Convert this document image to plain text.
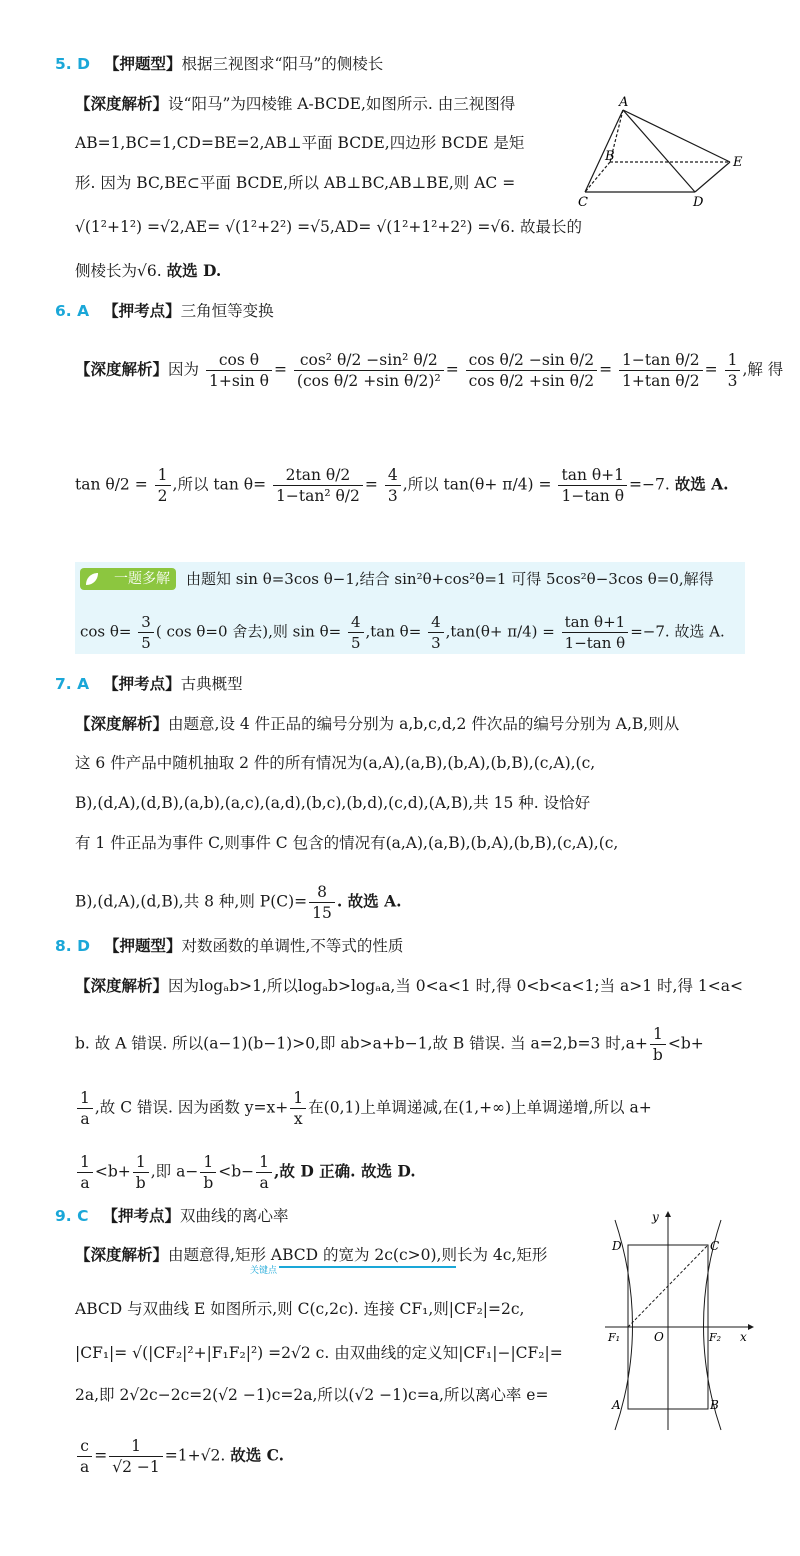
5. D 【押题型】根据三视图求“阳马”的侧棱长
【深度解析】设“阳马”为四棱锥 A-BCDE,如图所示. 由三视图得
AB=1,BC=1,CD=BE=2,AB⊥平面 BCDE,四边形 BCDE 是矩
形. 因为 BC,BE⊂平面 BCDE,所以 AB⊥BC,AB⊥BE,则 AC =
√(1²+1²) =√2,AE= √(1²+2²) =√5,AD= √(1²+1²+2²) =√6. 故最长的
侧棱长为√6. 故选 D.
A
B	E
C	D
6. A 【押考点】三角恒等变换
【深度解析】因为 $\frac{\text{cos θ}}{\text{1+sin θ}} = \frac{\text{cos² θ/2 −sin² θ/2}}{\text{(cos θ/2 +sin θ/2)²}} = \frac{\text{cos θ/2 −sin θ/2}}{\text{cos θ/2 +sin θ/2}} = \frac{\text{1−tan θ/2}}{\text{1+tan θ/2}} = \frac{1}{3}$ ,解 得
$\tan \theta/2 = \frac{1}{2}$ ,所以 $\tan \theta= \frac{\text{2tan θ/2}}{\text{1−tan² θ/2}} = \frac{4}{3}$ ,所以 $\tan(\theta+ \pi/4) = \frac{\text{tan θ+1}}{\text{1−tan θ}} =-7$. 故选 A.
一题多解	由题知 sin θ=3cos θ−1,结合 sin²θ+cos²θ=1 可得 5cos²θ−3cos θ=0,解得
$\cos \theta= \frac{3}{5}$ ( cos θ=0 舍去),则 $\sin \theta= \frac{4}{5} ,\tan$ $\theta= \frac{4}{3} ,\tan(\theta+ \pi/4) = \frac{\text{tan θ+1}}{\text{1−tan θ}} =-7$. 故选 A.
7. A 【押考点】古典概型
【深度解析】由题意,设 4 件正品的编号分别为 a,b,c,d,2 件次品的编号分别为 A,B,则从
这 6 件产品中随机抽取 2 件的所有情况为(a,A),(a,B),(b,A),(b,B),(c,A),(c,
B),(d,A),(d,B),(a,b),(a,c),(a,d),(b,c),(b,d),(c,d),(A,B),共 15 种. 设恰好
有 1 件正品为事件 C,则事件 C 包含的情况有(a,A),(a,B),(b,A),(b,B),(c,A),(c,
B),(d,A),(d,B),共 8 种,则 $P(C)= \frac{8}{15}$ . 故选 A.
8. D 【押题型】对数函数的单调性,不等式的性质
【深度解析】因为logₐb>1,所以logₐb>logₐa,当 0<a<1 时,得 0<b<a<1;当 a>1 时,得 1<a<
b. 故 A 错误. 所以(a−1)(b−1)>0,即 ab>a+b−1,故 B 错误. 当 a=2,b=3 时$,a+ \frac{1}{b} <b+$
$\frac{1}{a}$ ,故 C 错误. 因为函数 $y=x+ \frac{1}{x}$ 在(0,1)上单调递减,在(1,+∞)上单调递增,所以 a+
$\frac{1}{a} <b+ \frac{1}{b}$ ,即 $a- \frac{1}{b} <b- \frac{1}{a}$ ,故 D 正确. 故选 D.
9. C 【押考点】双曲线的离心率
【深度解析】由题意得,矩形 ABCD 的宽为 2c(c>0),则长为 4c,矩形
关键点
ABCD 与双曲线 E 如图所示,则 C(c,2c). 连接 CF₁,则|CF₂|=2c,
|CF₁|= √(|CF₂|²+|F₁F₂|²) =2√2 c. 由双曲线的定义知|CF₁|−|CF₂|=
2a,即 2√2c−2c=2(√2 −1)c=2a,所以(√2 −1)c=a,所以离心率 e=
$\frac{c}{a} = \frac{1}{√2 -1} =1+√2$. 故选 C.
y
D	C
F₁	O	F₂ x
A	B
